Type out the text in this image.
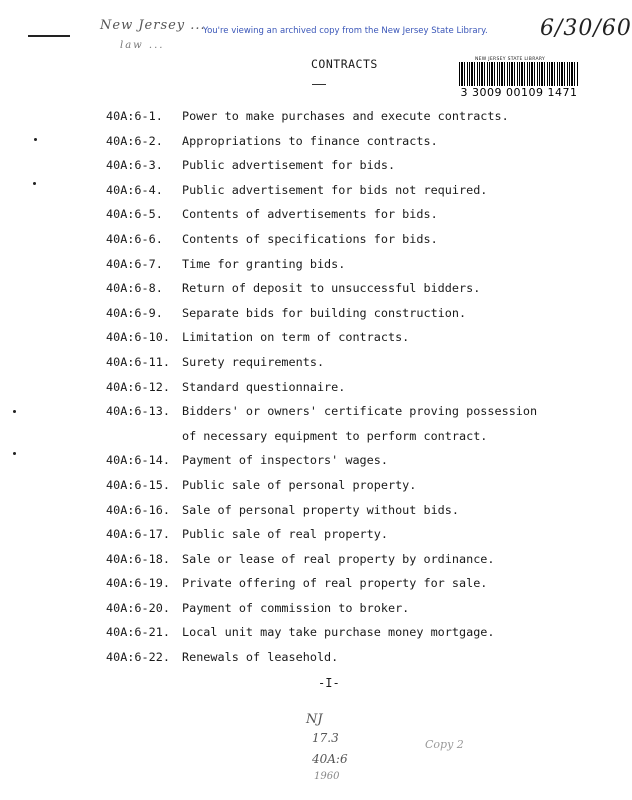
New Jersey ...
law ...
You're viewing an archived copy from the New Jersey State Library. 6/30/60
NEW JERSEY STATE LIBRARY
3 3009 00109 1471
CONTRACTS
40A:6-1. Power to make purchases and execute contracts.
40A:6-2. Appropriations to finance contracts.
40A:6-3. Public advertisement for bids.
40A:6-4. Public advertisement for bids not required.
40A:6-5. Contents of advertisements for bids.
40A:6-6. Contents of specifications for bids.
40A:6-7. Time for granting bids.
40A:6-8. Return of deposit to unsuccessful bidders.
40A:6-9. Separate bids for building construction.
40A:6-10. Limitation on term of contracts.
40A:6-11. Surety requirements.
40A:6-12. Standard questionnaire.
40A:6-13. Bidders' or owners' certificate proving possession
of necessary equipment to perform contract.
40A:6-14. Payment of inspectors' wages.
40A:6-15. Public sale of personal property.
40A:6-16. Sale of personal property without bids.
40A:6-17. Public sale of real property.
40A:6-18. Sale or lease of real property by ordinance.
40A:6-19. Private offering of real property for sale.
40A:6-20. Payment of commission to broker.
40A:6-21. Local unit may take purchase money mortgage.
40A:6-22. Renewals of leasehold.
-I-
NJ
17.3
40A:6
1960
Copy 2
